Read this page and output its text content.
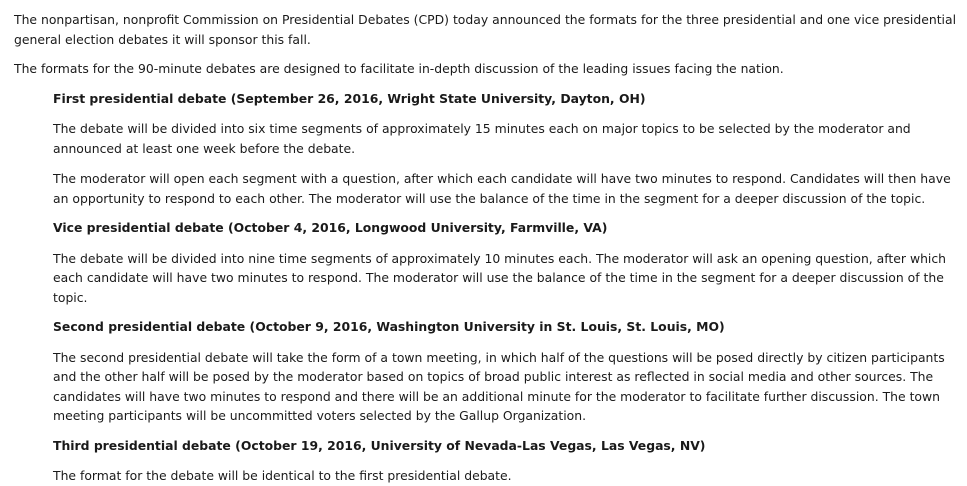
The nonpartisan, nonprofit Commission on Presidential Debates (CPD) today announced the formats for the three presidential and one vice presidential general election debates it will sponsor this fall.

The formats for the 90-minute debates are designed to facilitate in-depth discussion of the leading issues facing the nation.

First presidential debate (September 26, 2016, Wright State University, Dayton, OH)

The debate will be divided into six time segments of approximately 15 minutes each on major topics to be selected by the moderator and announced at least one week before the debate.

The moderator will open each segment with a question, after which each candidate will have two minutes to respond. Candidates will then have an opportunity to respond to each other. The moderator will use the balance of the time in the segment for a deeper discussion of the topic.

Vice presidential debate (October 4, 2016, Longwood University, Farmville, VA)

The debate will be divided into nine time segments of approximately 10 minutes each. The moderator will ask an opening question, after which each candidate will have two minutes to respond. The moderator will use the balance of the time in the segment for a deeper discussion of the topic.

Second presidential debate (October 9, 2016, Washington University in St. Louis, St. Louis, MO)

The second presidential debate will take the form of a town meeting, in which half of the questions will be posed directly by citizen participants and the other half will be posed by the moderator based on topics of broad public interest as reflected in social media and other sources. The candidates will have two minutes to respond and there will be an additional minute for the moderator to facilitate further discussion. The town meeting participants will be uncommitted voters selected by the Gallup Organization.

Third presidential debate (October 19, 2016, University of Nevada-Las Vegas, Las Vegas, NV)

The format for the debate will be identical to the first presidential debate.
